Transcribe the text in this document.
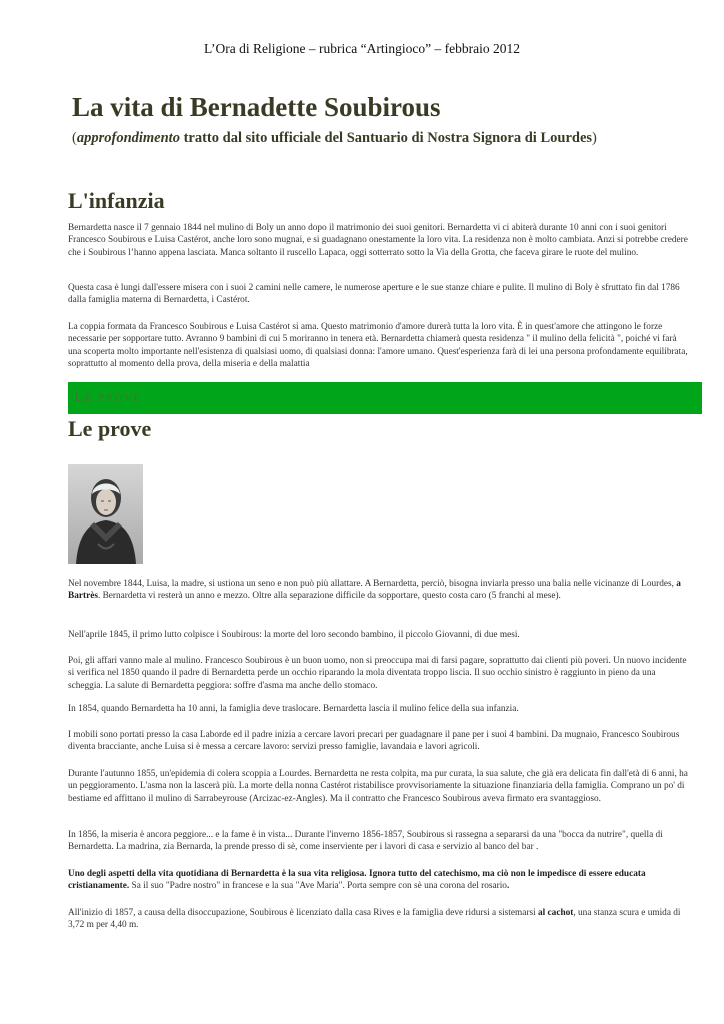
L’Ora di Religione – rubrica “Artingioco” – febbraio 2012
La vita di Bernadette Soubirous
(approfondimento tratto dal sito ufficiale del Santuario di Nostra Signora di Lourdes)
L'infanzia

Bernardetta nasce il 7 gennaio 1844 nel mulino di Boly un anno dopo il matrimonio dei suoi genitori. Bernardetta vi ci abiterà durante 10 anni con i suoi genitori Francesco Soubirous e Luisa Castérot, anche loro sono mugnai, e si guadagnano onestamente la loro vita. La residenza non è molto cambiata. Anzi si potrebbe credere che i Soubirous l’hanno appena lasciata. Manca soltanto il ruscello Lapaca, oggi sotterrato sotto la Via della Grotta, che faceva girare le ruote del mulino.

Questa casa è lungi dall'essere misera con i suoi 2 camini nelle camere, le numerose aperture e le sue stanze chiare e pulite. Il mulino di Boly è sfruttato fin dal 1786 dalla famiglia materna di Bernardetta, i Castérot.

La coppia formata da Francesco Soubirous e Luisa Castérot si ama. Questo matrimonio d'amore durerà tutta la loro vita. È in quest'amore che attingono le forze necessarie per sopportare tutto. Avranno 9 bambini di cui 5 moriranno in tenera età. Bernardetta chiamerà questa residenza " il mulino della felicità ", poiché vi farà una scoperta molto importante nell'esistenza di qualsiasi uomo, di qualsiasi donna: l'amore umano. Quest'esperienza farà di lei una persona profondamente equilibrata, soprattutto al momento della prova, della miseria e della malattia

Le prove
Le prove

Nel novembre 1844, Luisa, la madre, si ustiona un seno e non può più allattare. A Bernardetta, perciò, bisogna inviarla presso una balia nelle vicinanze di Lourdes, a Bartrès. Bernardetta vi resterà un anno e mezzo. Oltre alla separazione difficile da sopportare, questo costa caro (5 franchi al mese).

Nell'aprile 1845, il primo lutto colpisce i Soubirous: la morte del loro secondo bambino, il piccolo Giovanni, di due mesi.

Poi, gli affari vanno male al mulino. Francesco Soubirous è un buon uomo, non si preoccupa mai di farsi pagare, soprattutto dai clienti più poveri. Un nuovo incidente si verifica nel 1850 quando il padre di Bernardetta perde un occhio riparando la mola diventata troppo liscia. Il suo occhio sinistro è raggiunto in pieno da una scheggia. La salute di Bernardetta peggiora: soffre d'asma ma anche dello stomaco.

In 1854, quando Bernardetta ha 10 anni, la famiglia deve traslocare. Bernardetta lascia il mulino felice della sua infanzia.

I mobili sono portati presso la casa Laborde ed il padre inizia a cercare lavori precari per guadagnare il pane per i suoi 4 bambini. Da mugnaio, Francesco Soubirous diventa bracciante, anche Luisa si è messa a cercare lavoro: servizi presso famiglie, lavandaia e lavori agricoli.

Durante l'autunno 1855, un'epidemia di colera scoppia a Lourdes. Bernardetta ne resta colpita, ma pur curata, la sua salute, che già era delicata fin dall'età di 6 anni, ha un peggioramento. L'asma non la lascerà più. La morte della nonna Castérot ristabilisce provvisoriamente la situazione finanziaria della famiglia. Comprano un po' di bestiame ed affittano il mulino di Sarrabeyrouse (Arcizac-ez-Angles). Ma il contratto che Francesco Soubirous aveva firmato era svantaggioso.

In 1856, la miseria è ancora peggiore... e la fame è in vista... Durante l'inverno 1856-1857, Soubirous si rassegna a separarsi da una "bocca da nutrire", quella di Bernardetta. La madrina, zia Bernarda, la prende presso di sè, come inserviente per i lavori di casa e servizio al banco del bar .

Uno degli aspetti della vita quotidiana di Bernardetta è la sua vita religiosa. Ignora tutto del catechismo, ma ciò non le impedisce di essere educata cristianamente. Sa il suo "Padre nostro" in francese e la sua "Ave Maria". Porta sempre con sè una corona del rosario.

All'inizio di 1857, a causa della disoccupazione, Soubirous è licenziato dalla casa Rives e la famiglia deve ridursi a sistemarsi al cachot, una stanza scura e umida di 3,72 m per 4,40 m.
